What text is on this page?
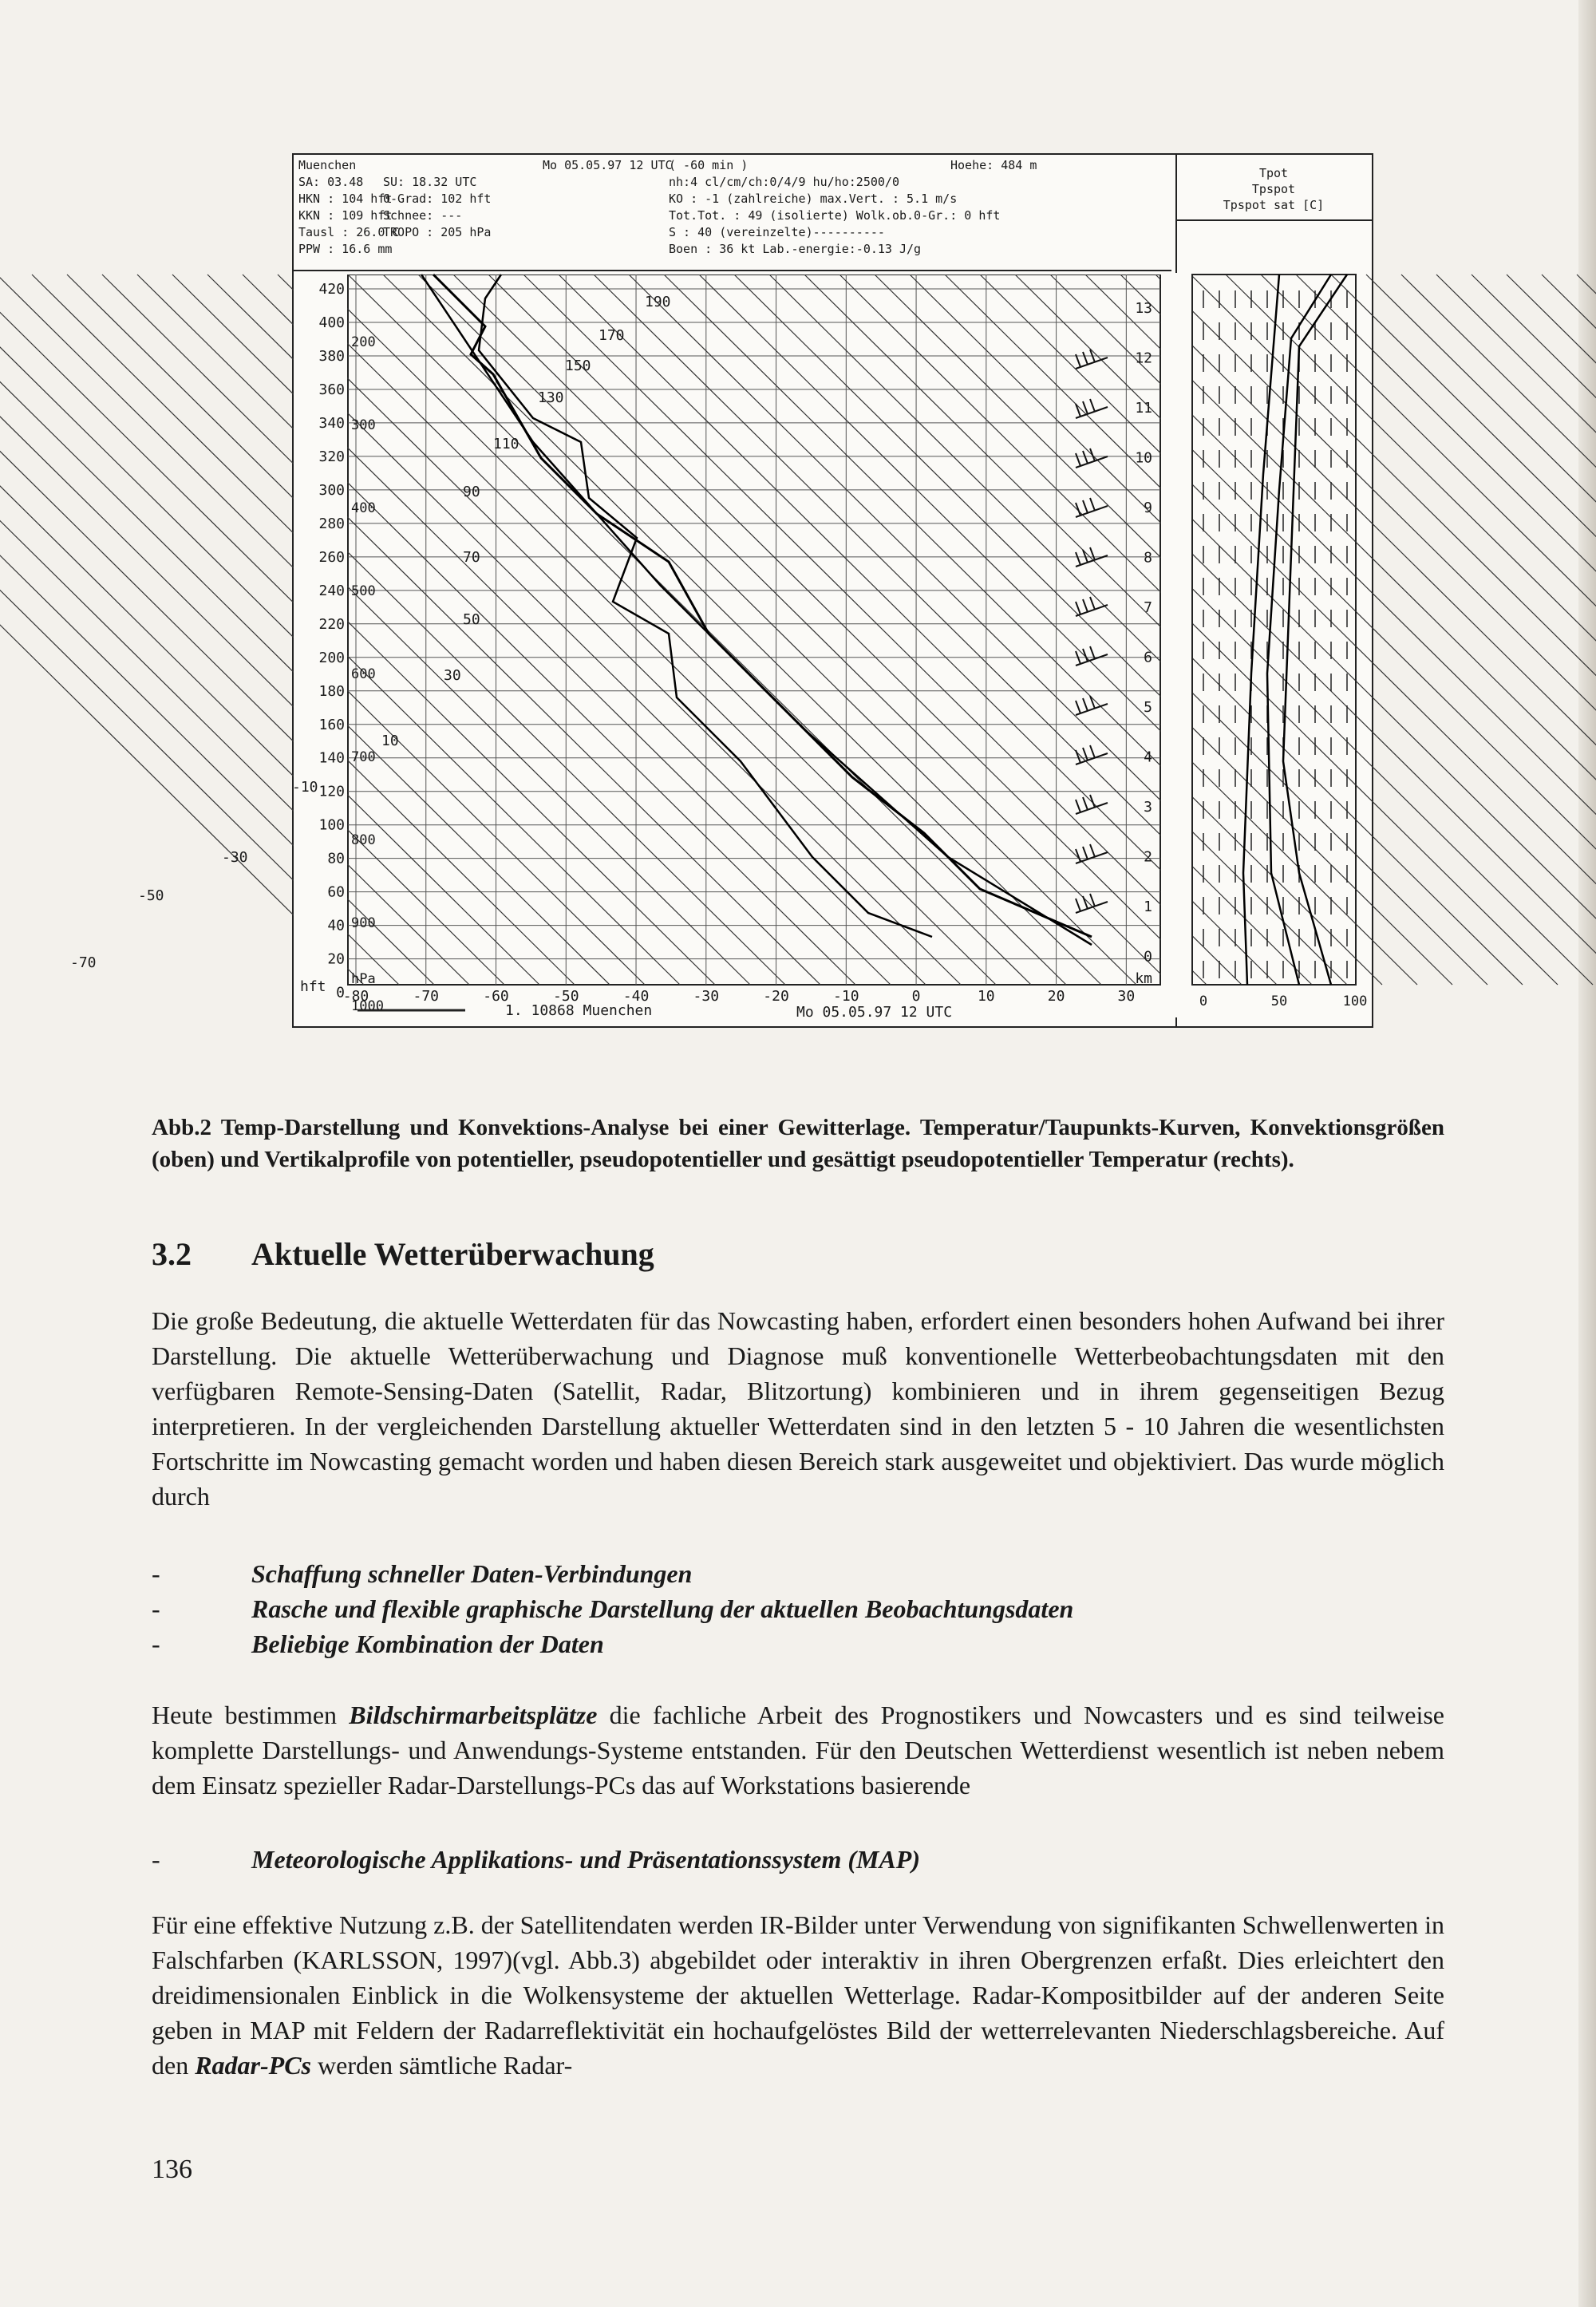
Muenchen
SA: 03.48 SU: 18.32 UTC
HKN : 104 hft
0-Grad: 102 hft
KKN : 109 hft
Schnee: ---
Tausl : 26.0 C
TROPO : 205 hPa
PPW : 16.6 mm
Mo 05.05.97 12 UTC
( -60 min )
nh:4 cl/cm/ch:0/4/9 hu/ho:2500/0
KO : -1 (zahlreiche) max.Vert. : 5.1 m/s
Tot.Tot. : 49 (isolierte) Wolk.ob.0-Gr.: 0 hft
S : 40 (vereinzelte)----------
Boen : 36 kt Lab.-energie:-0.13 J/g
Hoehe: 484 m
Tpot
Tpspot
Tpspot sat [C]
420
400
380
360
340
320
300
280
260
240
220
200
180
160
140
120
100
80
60
40
20
0
hft
200
300
400
500
600
700
800
900
1000
hPa
-80	-70	-60	-50	-40	-30	-20	-10	0	10	20	30
190
170
150
130
110
90
70
50
30
10
-10
-30
-50
-70
13
12
11
10
9
8
7
6
5
4
3
2
1
0
km
0	50	100
1. 10868 Muenchen	Mo 05.05.97 12 UTC
Abb.2 Temp-Darstellung und Konvektions-Analyse bei einer Gewitterlage. Temperatur/Taupunkts-Kurven, Konvektionsgrößen (oben) und Vertikalprofile von potentieller, pseudopotentieller und gesättigt pseudopotentieller Temperatur (rechts).
3.2 Aktuelle Wetterüberwachung

Die große Bedeutung, die aktuelle Wetterdaten für das Nowcasting haben, erfordert einen besonders hohen Aufwand bei ihrer Darstellung. Die aktuelle Wetterüberwachung und Diagnose muß konventionelle Wetterbeobachtungsdaten mit den verfügbaren Remote-Sensing-Daten (Satellit, Radar, Blitzortung) kombinieren und in ihrem gegenseitigen Bezug interpretieren. In der vergleichenden Darstellung aktueller Wetterdaten sind in den letzten 5 - 10 Jahren die wesentlichsten Fortschritte im Nowcasting gemacht worden und haben diesen Bereich stark ausgeweitet und objektiviert. Das wurde möglich durch

-	Schaffung schneller Daten-Verbindungen
-	Rasche und flexible graphische Darstellung der aktuellen Beobachtungsdaten
-	Beliebige Kombination der Daten

Heute bestimmen Bildschirmarbeitsplätze die fachliche Arbeit des Prognostikers und Nowcasters und es sind teilweise komplette Darstellungs- und Anwendungs-Systeme entstanden. Für den Deutschen Wetterdienst wesentlich ist neben nebem dem Einsatz spezieller Radar-Darstellungs-PCs das auf Workstations basierende

-	Meteorologische Applikations- und Präsentationssystem (MAP)

Für eine effektive Nutzung z.B. der Satellitendaten werden IR-Bilder unter Verwendung von signifikanten Schwellenwerten in Falschfarben (KARLSSON, 1997)(vgl. Abb.3) abgebildet oder interaktiv in ihren Obergrenzen erfaßt. Dies erleichtert den dreidimensionalen Einblick in die Wolkensysteme der aktuellen Wetterlage. Radar-Kompositbilder auf der anderen Seite geben in MAP mit Feldern der Radarreflektivität ein hochaufgelöstes Bild der wetterrelevanten Niederschlagsbereiche. Auf den Radar-PCs werden sämtliche Radar-

136
